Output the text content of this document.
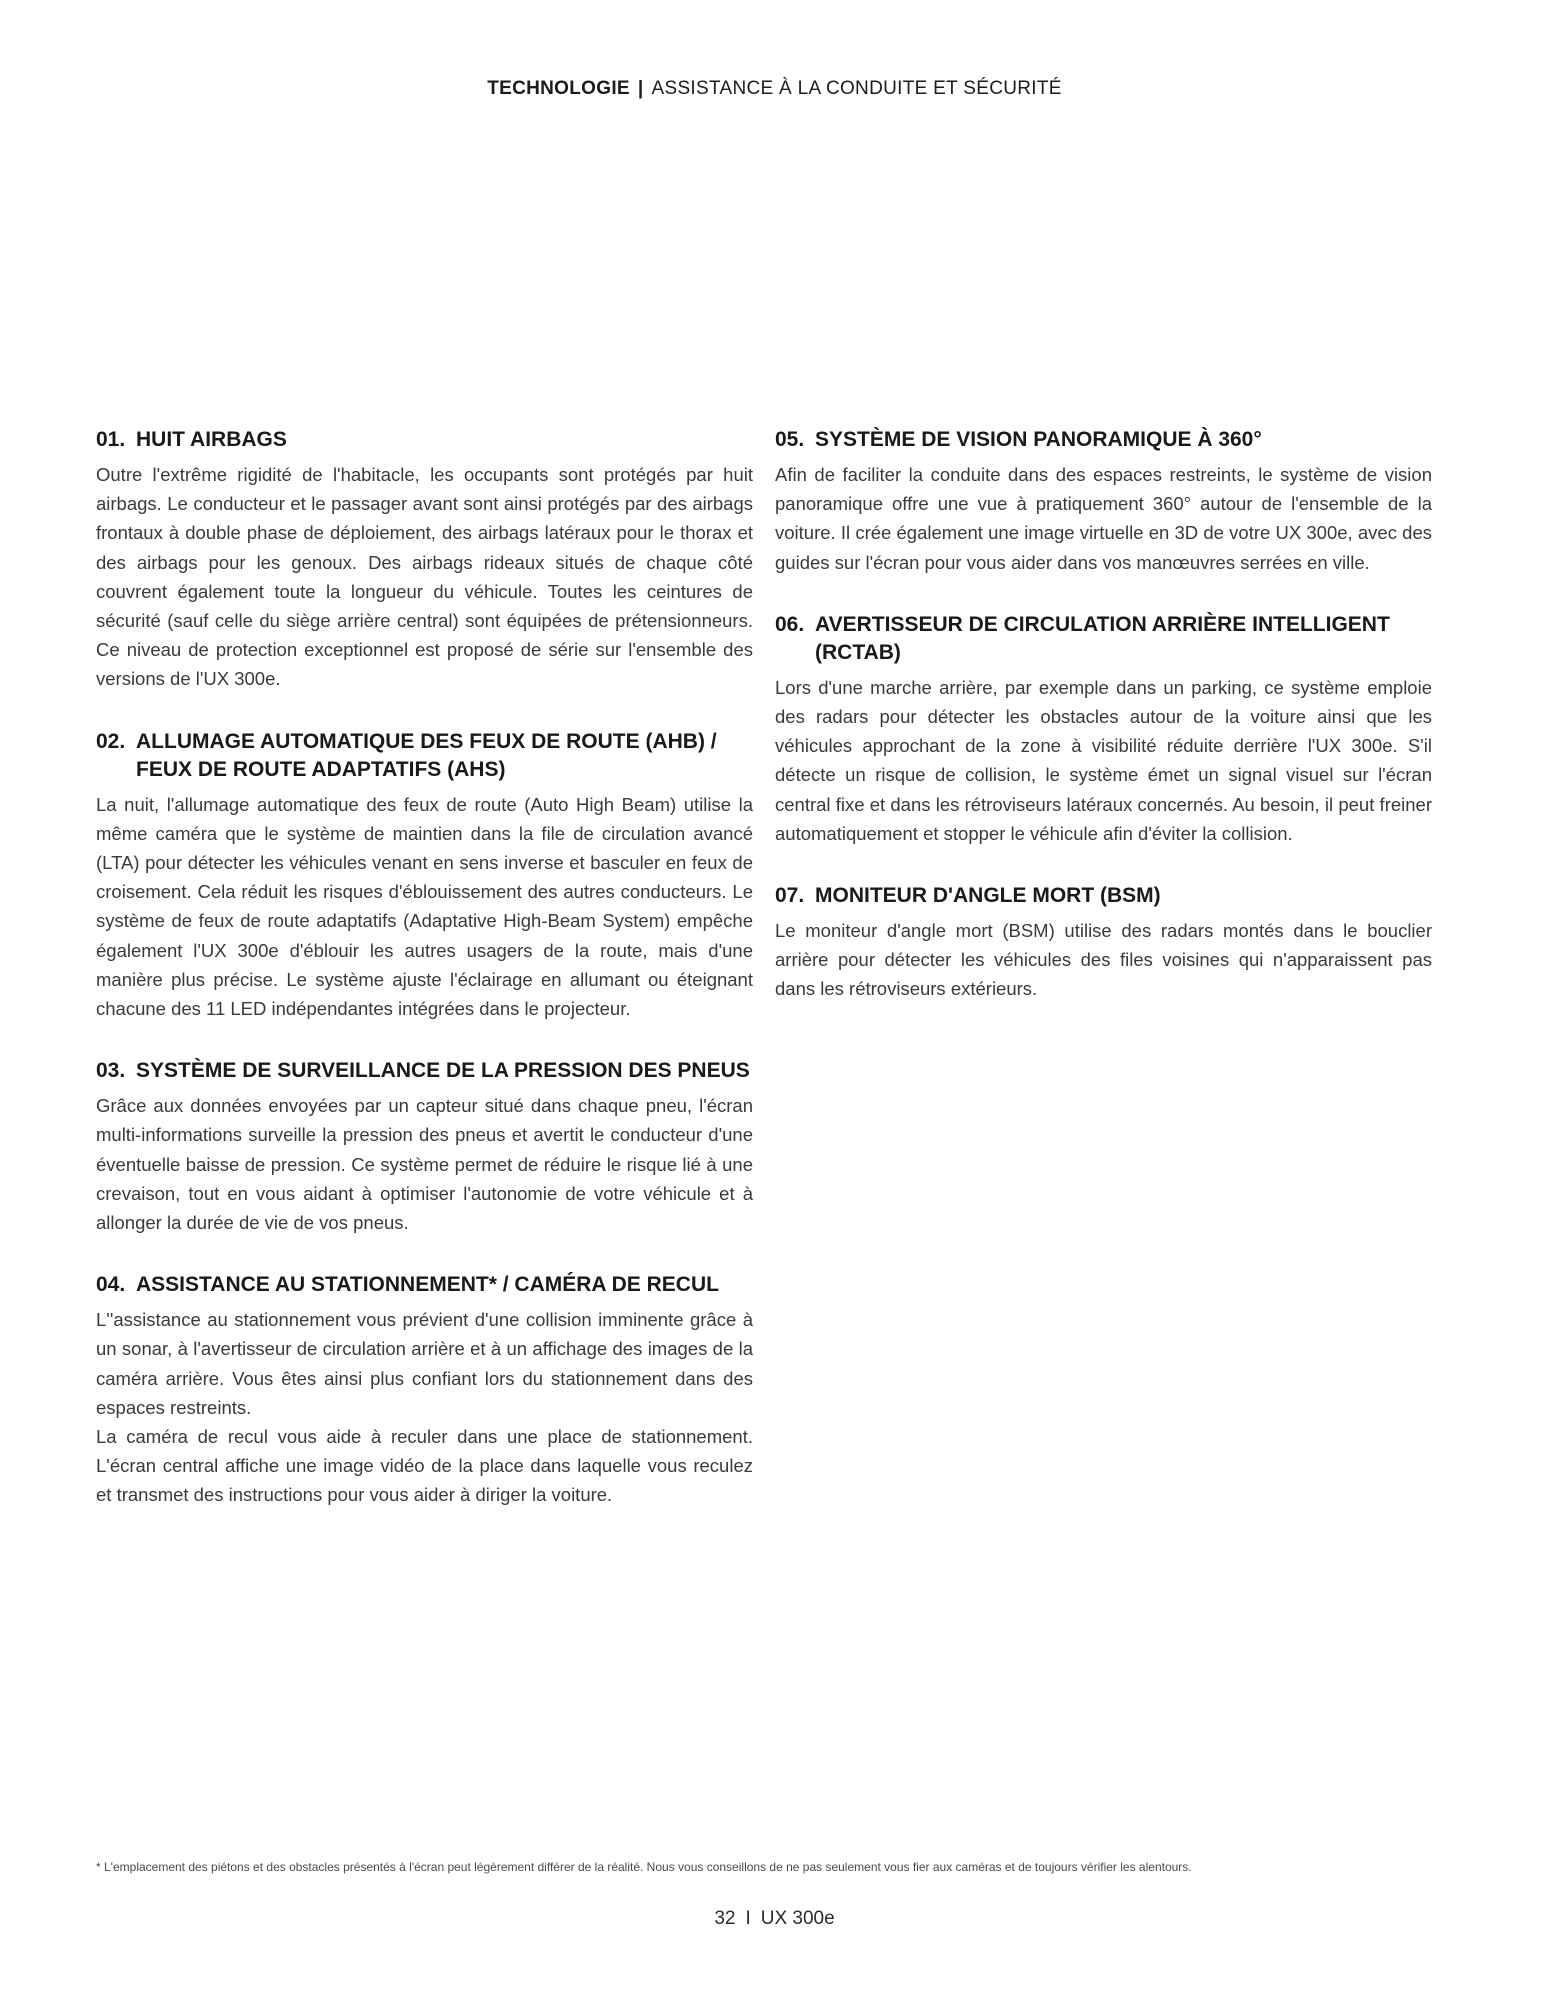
TECHNOLOGIE | ASSISTANCE À LA CONDUITE ET SÉCURITÉ
01. HUIT AIRBAGS

Outre l'extrême rigidité de l'habitacle, les occupants sont protégés par huit airbags. Le conducteur et le passager avant sont ainsi protégés par des airbags frontaux à double phase de déploiement, des airbags latéraux pour le thorax et des airbags pour les genoux. Des airbags rideaux situés de chaque côté couvrent également toute la longueur du véhicule. Toutes les ceintures de sécurité (sauf celle du siège arrière central) sont équipées de prétensionneurs. Ce niveau de protection exceptionnel est proposé de série sur l'ensemble des versions de l'UX 300e.

02. ALLUMAGE AUTOMATIQUE DES FEUX DE ROUTE (AHB) / FEUX DE ROUTE ADAPTATIFS (AHS)

La nuit, l'allumage automatique des feux de route (Auto High Beam) utilise la même caméra que le système de maintien dans la file de circulation avancé (LTA) pour détecter les véhicules venant en sens inverse et basculer en feux de croisement. Cela réduit les risques d'éblouissement des autres conducteurs. Le système de feux de route adaptatifs (Adaptative High-Beam System) empêche également l'UX 300e d'éblouir les autres usagers de la route, mais d'une manière plus précise. Le système ajuste l'éclairage en allumant ou éteignant chacune des 11 LED indépendantes intégrées dans le projecteur.

03. SYSTÈME DE SURVEILLANCE DE LA PRESSION DES PNEUS

Grâce aux données envoyées par un capteur situé dans chaque pneu, l'écran multi-informations surveille la pression des pneus et avertit le conducteur d'une éventuelle baisse de pression. Ce système permet de réduire le risque lié à une crevaison, tout en vous aidant à optimiser l'autonomie de votre véhicule et à allonger la durée de vie de vos pneus.

04. ASSISTANCE AU STATIONNEMENT* / CAMÉRA DE RECUL

L''assistance au stationnement vous prévient d'une collision imminente grâce à un sonar, à l'avertisseur de circulation arrière et à un affichage des images de la caméra arrière. Vous êtes ainsi plus confiant lors du stationnement dans des espaces restreints.

La caméra de recul vous aide à reculer dans une place de stationnement. L'écran central affiche une image vidéo de la place dans laquelle vous reculez et transmet des instructions pour vous aider à diriger la voiture.

05. SYSTÈME DE VISION PANORAMIQUE À 360°

Afin de faciliter la conduite dans des espaces restreints, le système de vision panoramique offre une vue à pratiquement 360° autour de l'ensemble de la voiture. Il crée également une image virtuelle en 3D de votre UX 300e, avec des guides sur l'écran pour vous aider dans vos manœuvres serrées en ville.

06. AVERTISSEUR DE CIRCULATION ARRIÈRE INTELLIGENT (RCTAB)

Lors d'une marche arrière, par exemple dans un parking, ce système emploie des radars pour détecter les obstacles autour de la voiture ainsi que les véhicules approchant de la zone à visibilité réduite derrière l'UX 300e. S'il détecte un risque de collision, le système émet un signal visuel sur l'écran central fixe et dans les rétroviseurs latéraux concernés. Au besoin, il peut freiner automatiquement et stopper le véhicule afin d'éviter la collision.

07. MONITEUR D'ANGLE MORT (BSM)

Le moniteur d'angle mort (BSM) utilise des radars montés dans le bouclier arrière pour détecter les véhicules des files voisines qui n'apparaissent pas dans les rétroviseurs extérieurs.

* L'emplacement des piétons et des obstacles présentés à l'écran peut légèrement différer de la réalité. Nous vous conseillons de ne pas seulement vous fier aux caméras et de toujours vérifier les alentours.
32 I UX 300e
